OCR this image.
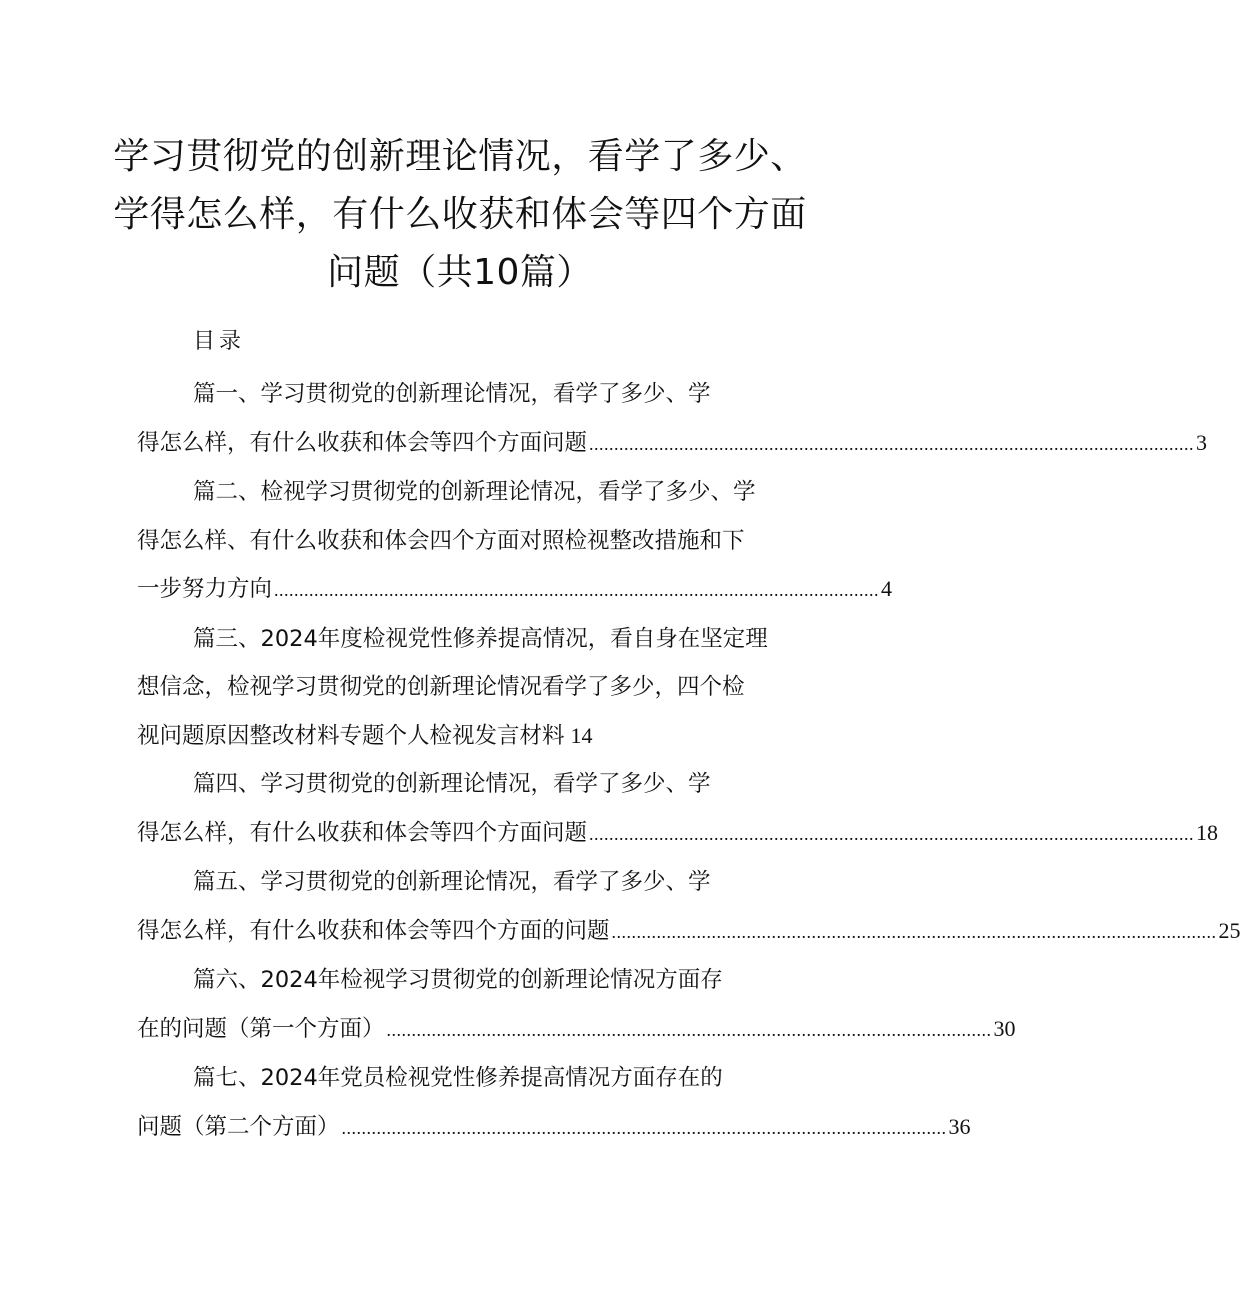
学习贯彻党的创新理论情况，看学了多少、
学得怎么样，有什么收获和体会等四个方面
问题（共10篇）

目录

篇一、学习贯彻党的创新理论情况，看学了多少、学
得怎么样，有什么收获和体会等四个方面问题 ......................................................................................................................... 3
篇二、检视学习贯彻党的创新理论情况，看学了多少、学
得怎么样、有什么收获和体会四个方面对照检视整改措施和下
一步努力方向 ......................................................................................................................... 4
篇三、2024年度检视党性修养提高情况，看自身在坚定理
想信念，检视学习贯彻党的创新理论情况看学了多少，四个检
视问题原因整改材料专题个人检视发言材料 14
篇四、学习贯彻党的创新理论情况，看学了多少、学
得怎么样，有什么收获和体会等四个方面问题 ......................................................................................................................... 18
篇五、学习贯彻党的创新理论情况，看学了多少、学
得怎么样，有什么收获和体会等四个方面的问题 ......................................................................................................................... 25
篇六、2024年检视学习贯彻党的创新理论情况方面存
在的问题（第一个方面） ......................................................................................................................... 30
篇七、2024年党员检视党性修养提高情况方面存在的
问题（第二个方面） ......................................................................................................................... 36
